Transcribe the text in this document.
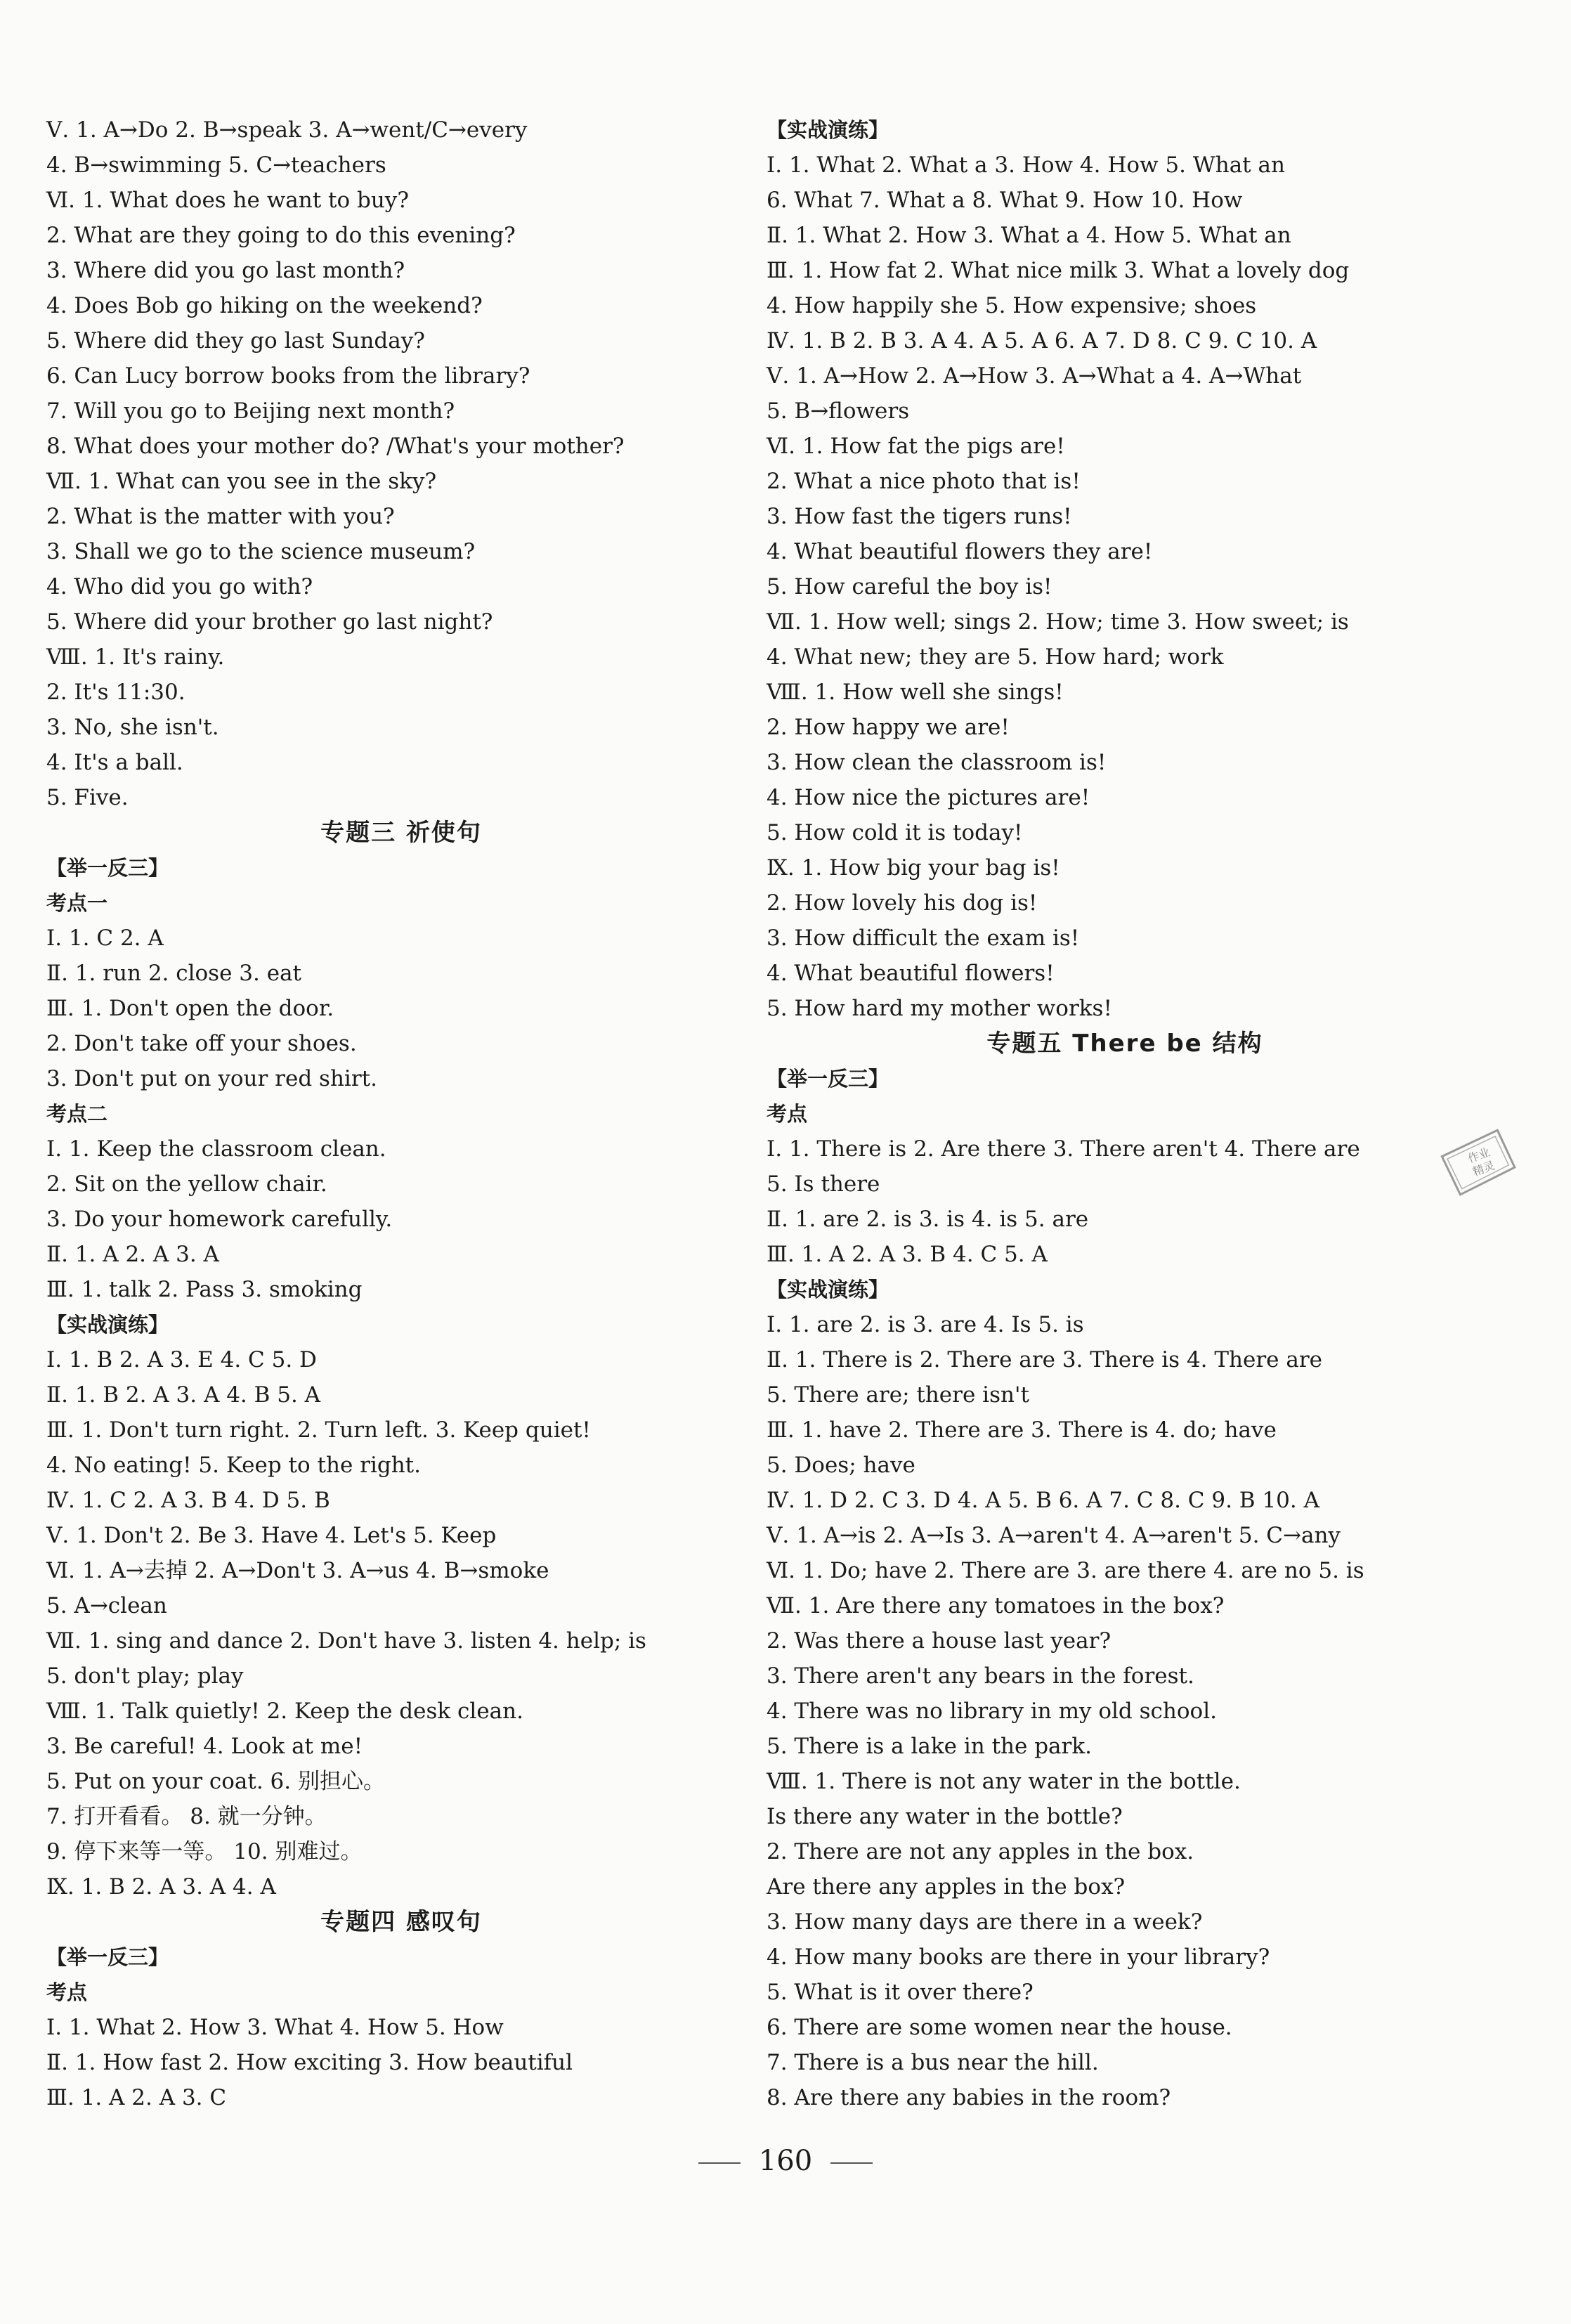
Ⅴ. 1. A→Do 2. B→speak 3. A→went/C→every
4. B→swimming 5. C→teachers
Ⅵ. 1. What does he want to buy?
2. What are they going to do this evening?
3. Where did you go last month?
4. Does Bob go hiking on the weekend?
5. Where did they go last Sunday?
6. Can Lucy borrow books from the library?
7. Will you go to Beijing next month?
8. What does your mother do? /What's your mother?
Ⅶ. 1. What can you see in the sky?
2. What is the matter with you?
3. Shall we go to the science museum?
4. Who did you go with?
5. Where did your brother go last night?
Ⅷ. 1. It's rainy.
2. It's 11:30.
3. No, she isn't.
4. It's a ball.
5. Five.
专题三 祈使句
【举一反三】
考点一
Ⅰ. 1. C 2. A
Ⅱ. 1. run 2. close 3. eat
Ⅲ. 1. Don't open the door.
2. Don't take off your shoes.
3. Don't put on your red shirt.
考点二
Ⅰ. 1. Keep the classroom clean.
2. Sit on the yellow chair.
3. Do your homework carefully.
Ⅱ. 1. A 2. A 3. A
Ⅲ. 1. talk 2. Pass 3. smoking
【实战演练】
Ⅰ. 1. B 2. A 3. E 4. C 5. D
Ⅱ. 1. B 2. A 3. A 4. B 5. A
Ⅲ. 1. Don't turn right. 2. Turn left. 3. Keep quiet!
4. No eating! 5. Keep to the right.
Ⅳ. 1. C 2. A 3. B 4. D 5. B
Ⅴ. 1. Don't 2. Be 3. Have 4. Let's 5. Keep
Ⅵ. 1. A→去掉 2. A→Don't 3. A→us 4. B→smoke
5. A→clean
Ⅶ. 1. sing and dance 2. Don't have 3. listen 4. help; is
5. don't play; play
Ⅷ. 1. Talk quietly! 2. Keep the desk clean.
3. Be careful! 4. Look at me!
5. Put on your coat. 6. 别担心。
7. 打开看看。 8. 就一分钟。
9. 停下来等一等。 10. 别难过。
Ⅸ. 1. B 2. A 3. A 4. A
专题四 感叹句
【举一反三】
考点
Ⅰ. 1. What 2. How 3. What 4. How 5. How
Ⅱ. 1. How fast 2. How exciting 3. How beautiful
Ⅲ. 1. A 2. A 3. C
【实战演练】
Ⅰ. 1. What 2. What a 3. How 4. How 5. What an
6. What 7. What a 8. What 9. How 10. How
Ⅱ. 1. What 2. How 3. What a 4. How 5. What an
Ⅲ. 1. How fat 2. What nice milk 3. What a lovely dog
4. How happily she 5. How expensive; shoes
Ⅳ. 1. B 2. B 3. A 4. A 5. A 6. A 7. D 8. C 9. C 10. A
Ⅴ. 1. A→How 2. A→How 3. A→What a 4. A→What
5. B→flowers
Ⅵ. 1. How fat the pigs are!
2. What a nice photo that is!
3. How fast the tigers runs!
4. What beautiful flowers they are!
5. How careful the boy is!
Ⅶ. 1. How well; sings 2. How; time 3. How sweet; is
4. What new; they are 5. How hard; work
Ⅷ. 1. How well she sings!
2. How happy we are!
3. How clean the classroom is!
4. How nice the pictures are!
5. How cold it is today!
Ⅸ. 1. How big your bag is!
2. How lovely his dog is!
3. How difficult the exam is!
4. What beautiful flowers!
5. How hard my mother works!
专题五 There be 结构
【举一反三】
考点
Ⅰ. 1. There is 2. Are there 3. There aren't 4. There are
5. Is there
Ⅱ. 1. are 2. is 3. is 4. is 5. are
Ⅲ. 1. A 2. A 3. B 4. C 5. A
【实战演练】
Ⅰ. 1. are 2. is 3. are 4. Is 5. is
Ⅱ. 1. There is 2. There are 3. There is 4. There are
5. There are; there isn't
Ⅲ. 1. have 2. There are 3. There is 4. do; have
5. Does; have
Ⅳ. 1. D 2. C 3. D 4. A 5. B 6. A 7. C 8. C 9. B 10. A
Ⅴ. 1. A→is 2. A→Is 3. A→aren't 4. A→aren't 5. C→any
Ⅵ. 1. Do; have 2. There are 3. are there 4. are no 5. is
Ⅶ. 1. Are there any tomatoes in the box?
2. Was there a house last year?
3. There aren't any bears in the forest.
4. There was no library in my old school.
5. There is a lake in the park.
Ⅷ. 1. There is not any water in the bottle.
Is there any water in the bottle?
2. There are not any apples in the box.
Are there any apples in the box?
3. How many days are there in a week?
4. How many books are there in your library?
5. What is it over there?
6. There are some women near the house.
7. There is a bus near the hill.
8. Are there any babies in the room?
作业
精灵
160
